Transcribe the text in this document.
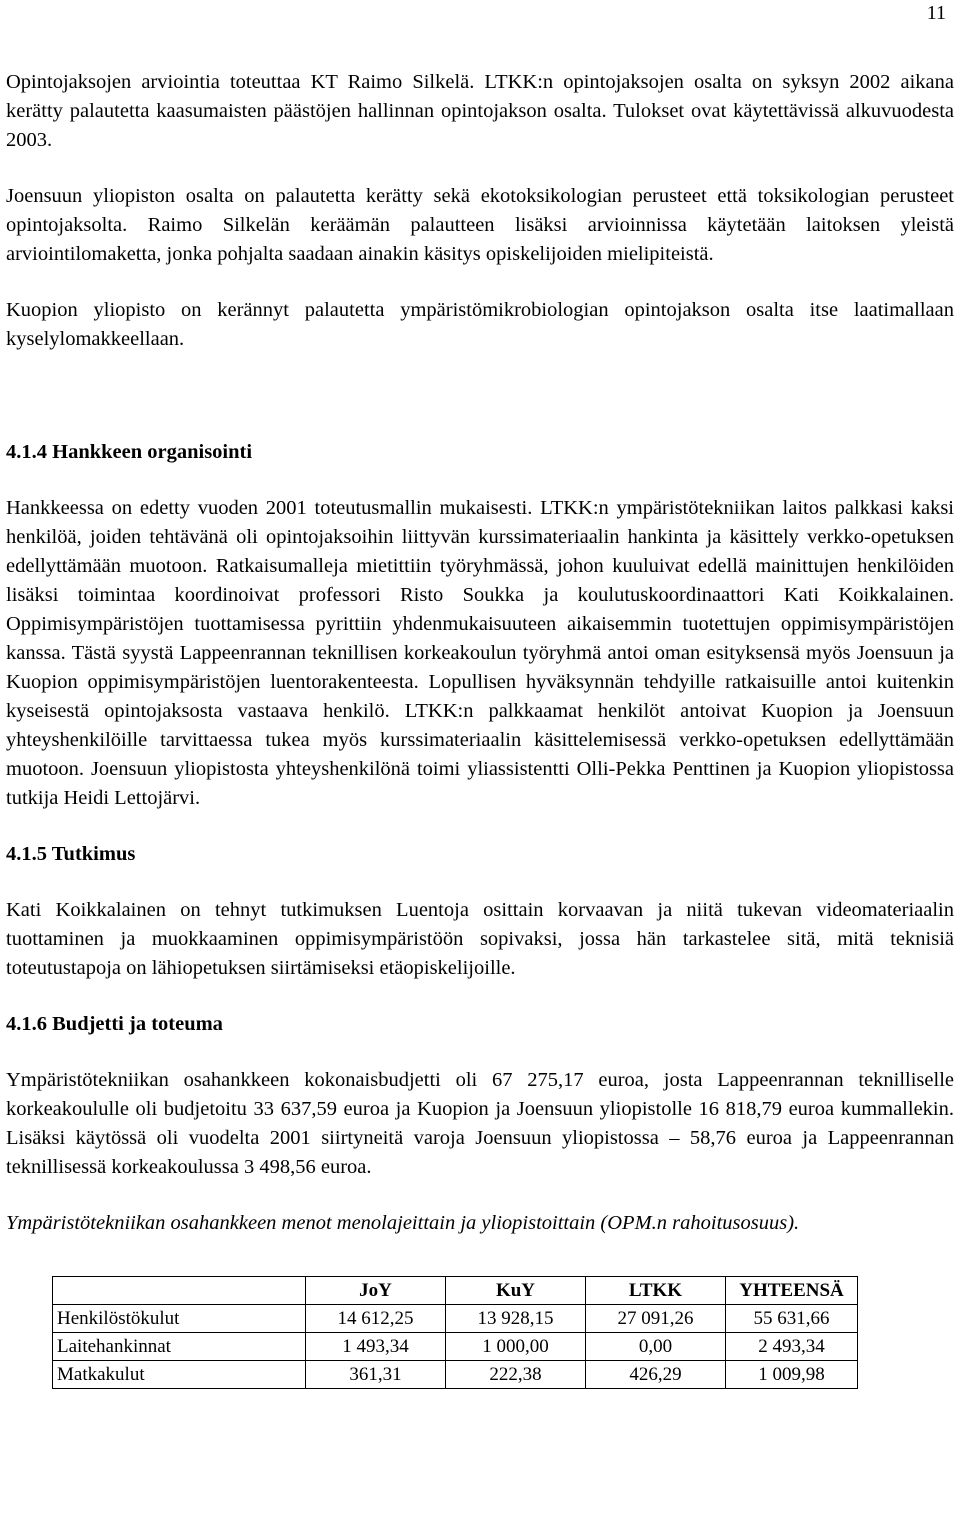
11

Opintojaksojen arviointia toteuttaa KT Raimo Silkelä. LTKK:n opintojaksojen osalta on syksyn 2002 aikana kerätty palautetta kaasumaisten päästöjen hallinnan opintojakson osalta. Tulokset ovat käytettävissä alkuvuodesta 2003.

Joensuun yliopiston osalta on palautetta kerätty sekä ekotoksikologian perusteet että toksikologian perusteet opintojaksolta. Raimo Silkelän keräämän palautteen lisäksi arvioinnissa käytetään laitoksen yleistä arviointilomaketta, jonka pohjalta saadaan ainakin käsitys opiskelijoiden mielipiteistä.

Kuopion yliopisto on kerännyt palautetta ympäristömikrobiologian opintojakson osalta itse laatimallaan kyselylomakkeellaan.

4.1.4 Hankkeen organisointi

Hankkeessa on edetty vuoden 2001 toteutusmallin mukaisesti. LTKK:n ympäristötekniikan laitos palkkasi kaksi henkilöä, joiden tehtävänä oli opintojaksoihin liittyvän kurssimateriaalin hankinta ja käsittely verkko-opetuksen edellyttämään muotoon. Ratkaisumalleja mietittiin työryhmässä, johon kuuluivat edellä mainittujen henkilöiden lisäksi toimintaa koordinoivat professori Risto Soukka ja koulutuskoordinaattori Kati Koikkalainen. Oppimisympäristöjen tuottamisessa pyrittiin yhdenmukaisuuteen aikaisemmin tuotettujen oppimisympäristöjen kanssa. Tästä syystä Lappeenrannan teknillisen korkeakoulun työryhmä antoi oman esityksensä myös Joensuun ja Kuopion oppimisympäristöjen luentorakenteesta. Lopullisen hyväksynnän tehdyille ratkaisuille antoi kuitenkin kyseisestä opintojaksosta vastaava henkilö. LTKK:n palkkaamat henkilöt antoivat Kuopion ja Joensuun yhteyshenkilöille tarvittaessa tukea myös kurssimateriaalin käsittelemisessä verkko-opetuksen edellyttämään muotoon. Joensuun yliopistosta yhteyshenkilönä toimi yliassistentti Olli-Pekka Penttinen ja Kuopion yliopistossa tutkija Heidi Lettojärvi.

4.1.5 Tutkimus

Kati Koikkalainen on tehnyt tutkimuksen Luentoja osittain korvaavan ja niitä tukevan videomateriaalin tuottaminen ja muokkaaminen oppimisympäristöön sopivaksi, jossa hän tarkastelee sitä, mitä teknisiä toteutustapoja on lähiopetuksen siirtämiseksi etäopiskelijoille.

4.1.6 Budjetti ja toteuma

Ympäristötekniikan osahankkeen kokonaisbudjetti oli 67 275,17 euroa, josta Lappeenrannan teknilliselle korkeakoululle oli budjetoitu 33 637,59 euroa ja Kuopion ja Joensuun yliopistolle 16 818,79 euroa kummallekin. Lisäksi käytössä oli vuodelta 2001 siirtyneitä varoja Joensuun yliopistossa – 58,76 euroa ja Lappeenrannan teknillisessä korkeakoulussa 3 498,56 euroa.

Ympäristötekniikan osahankkeen menot menolajeittain ja yliopistoittain (OPM.n rahoitusosuus).

	JoY	KuY	LTKK	YHTEENSÄ
Henkilöstökulut	14 612,25	13 928,15	27 091,26	55 631,66
Laitehankinnat	1 493,34	1 000,00	0,00	2 493,34
Matkakulut	361,31	222,38	426,29	1 009,98
